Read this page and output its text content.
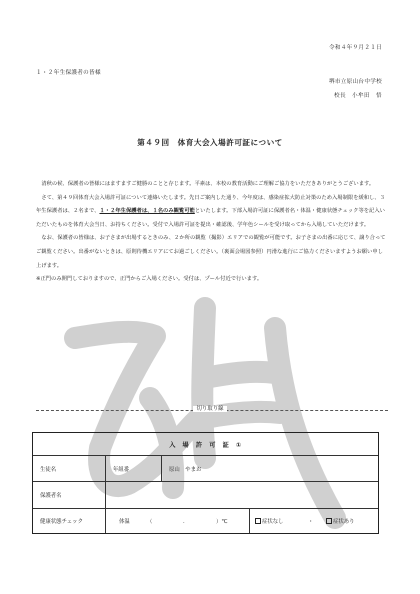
令和４年９月２１日
１・２年生保護者の皆様
堺市立原山台中学校
校長　小牟田　悟
第４９回　体育大会入場許可証について

　清秋の候、保護者の皆様にはますますご健勝のことと存じます。平素は、本校の教育活動にご理解ご協力をいただきありがとうございます。

　さて、第４９回体育大会入場許可証について連絡いたします。先日ご案内した通り、今年度は、感染症拡大防止対策のため入場制限を緩和し、３年生保護者は、２名まで、１・２年生保護者は、１名のみ観覧可能といたします。下部入場許可証に保護者名・体温・健康状態チェック等を記入いただいたものを体育大会当日、お持ちください。受付で入場許可証を提出・確認後、学年色シールを受け取ってから入場していただけます。

　なお、保護者の皆様は、お子さまが出場するときのみ、２か所の観覧（撮影）エリアでの観覧が可能です。お子さまの出番に応じて、譲り合ってご観覧ください。出番がないときは、原則待機エリアにてお過ごしください。（裏面会場図参照）円滑な進行にご協力くださいますようお願い申し上げます。

※正門のみ開門しておりますので、正門からご入場ください。受付は、プール付近で行います。

切り取り線
入　場　許　可　証　①
生徒名	年組番	原山　やまお
保護者名
健康状態チェック	体温	（	．	）℃	症状なし	・	症状あり
